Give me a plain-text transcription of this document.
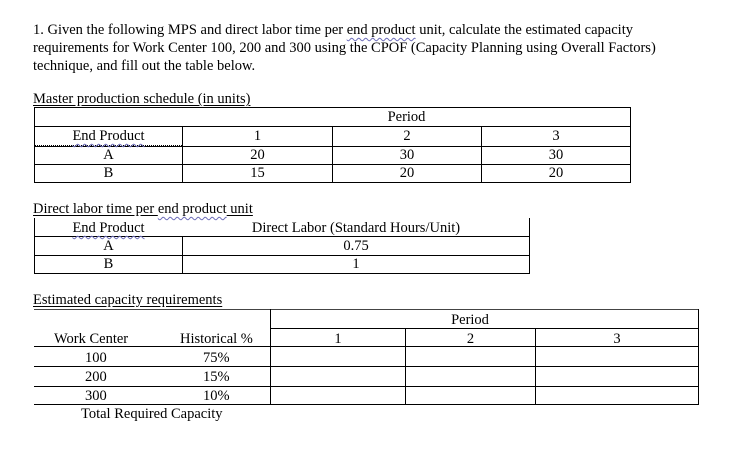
1. Given the following MPS and direct labor time per end product unit, calculate the estimated capacity
requirements for Work Center 100, 200 and 300 using the CPOF (Capacity Planning using Overall Factors)
technique, and fill out the table below.
Master production schedule (in units)
Period
End Product	1	2	3
A	20	30	30
B	15	20	20
Direct labor time per end product unit
End Product	Direct Labor (Standard Hours/Unit)
A	0.75
B	1
Estimated capacity requirements
Period
Work Center	Historical %	1	2	3
100	75%
200	15%
300	10%
Total Required Capacity
